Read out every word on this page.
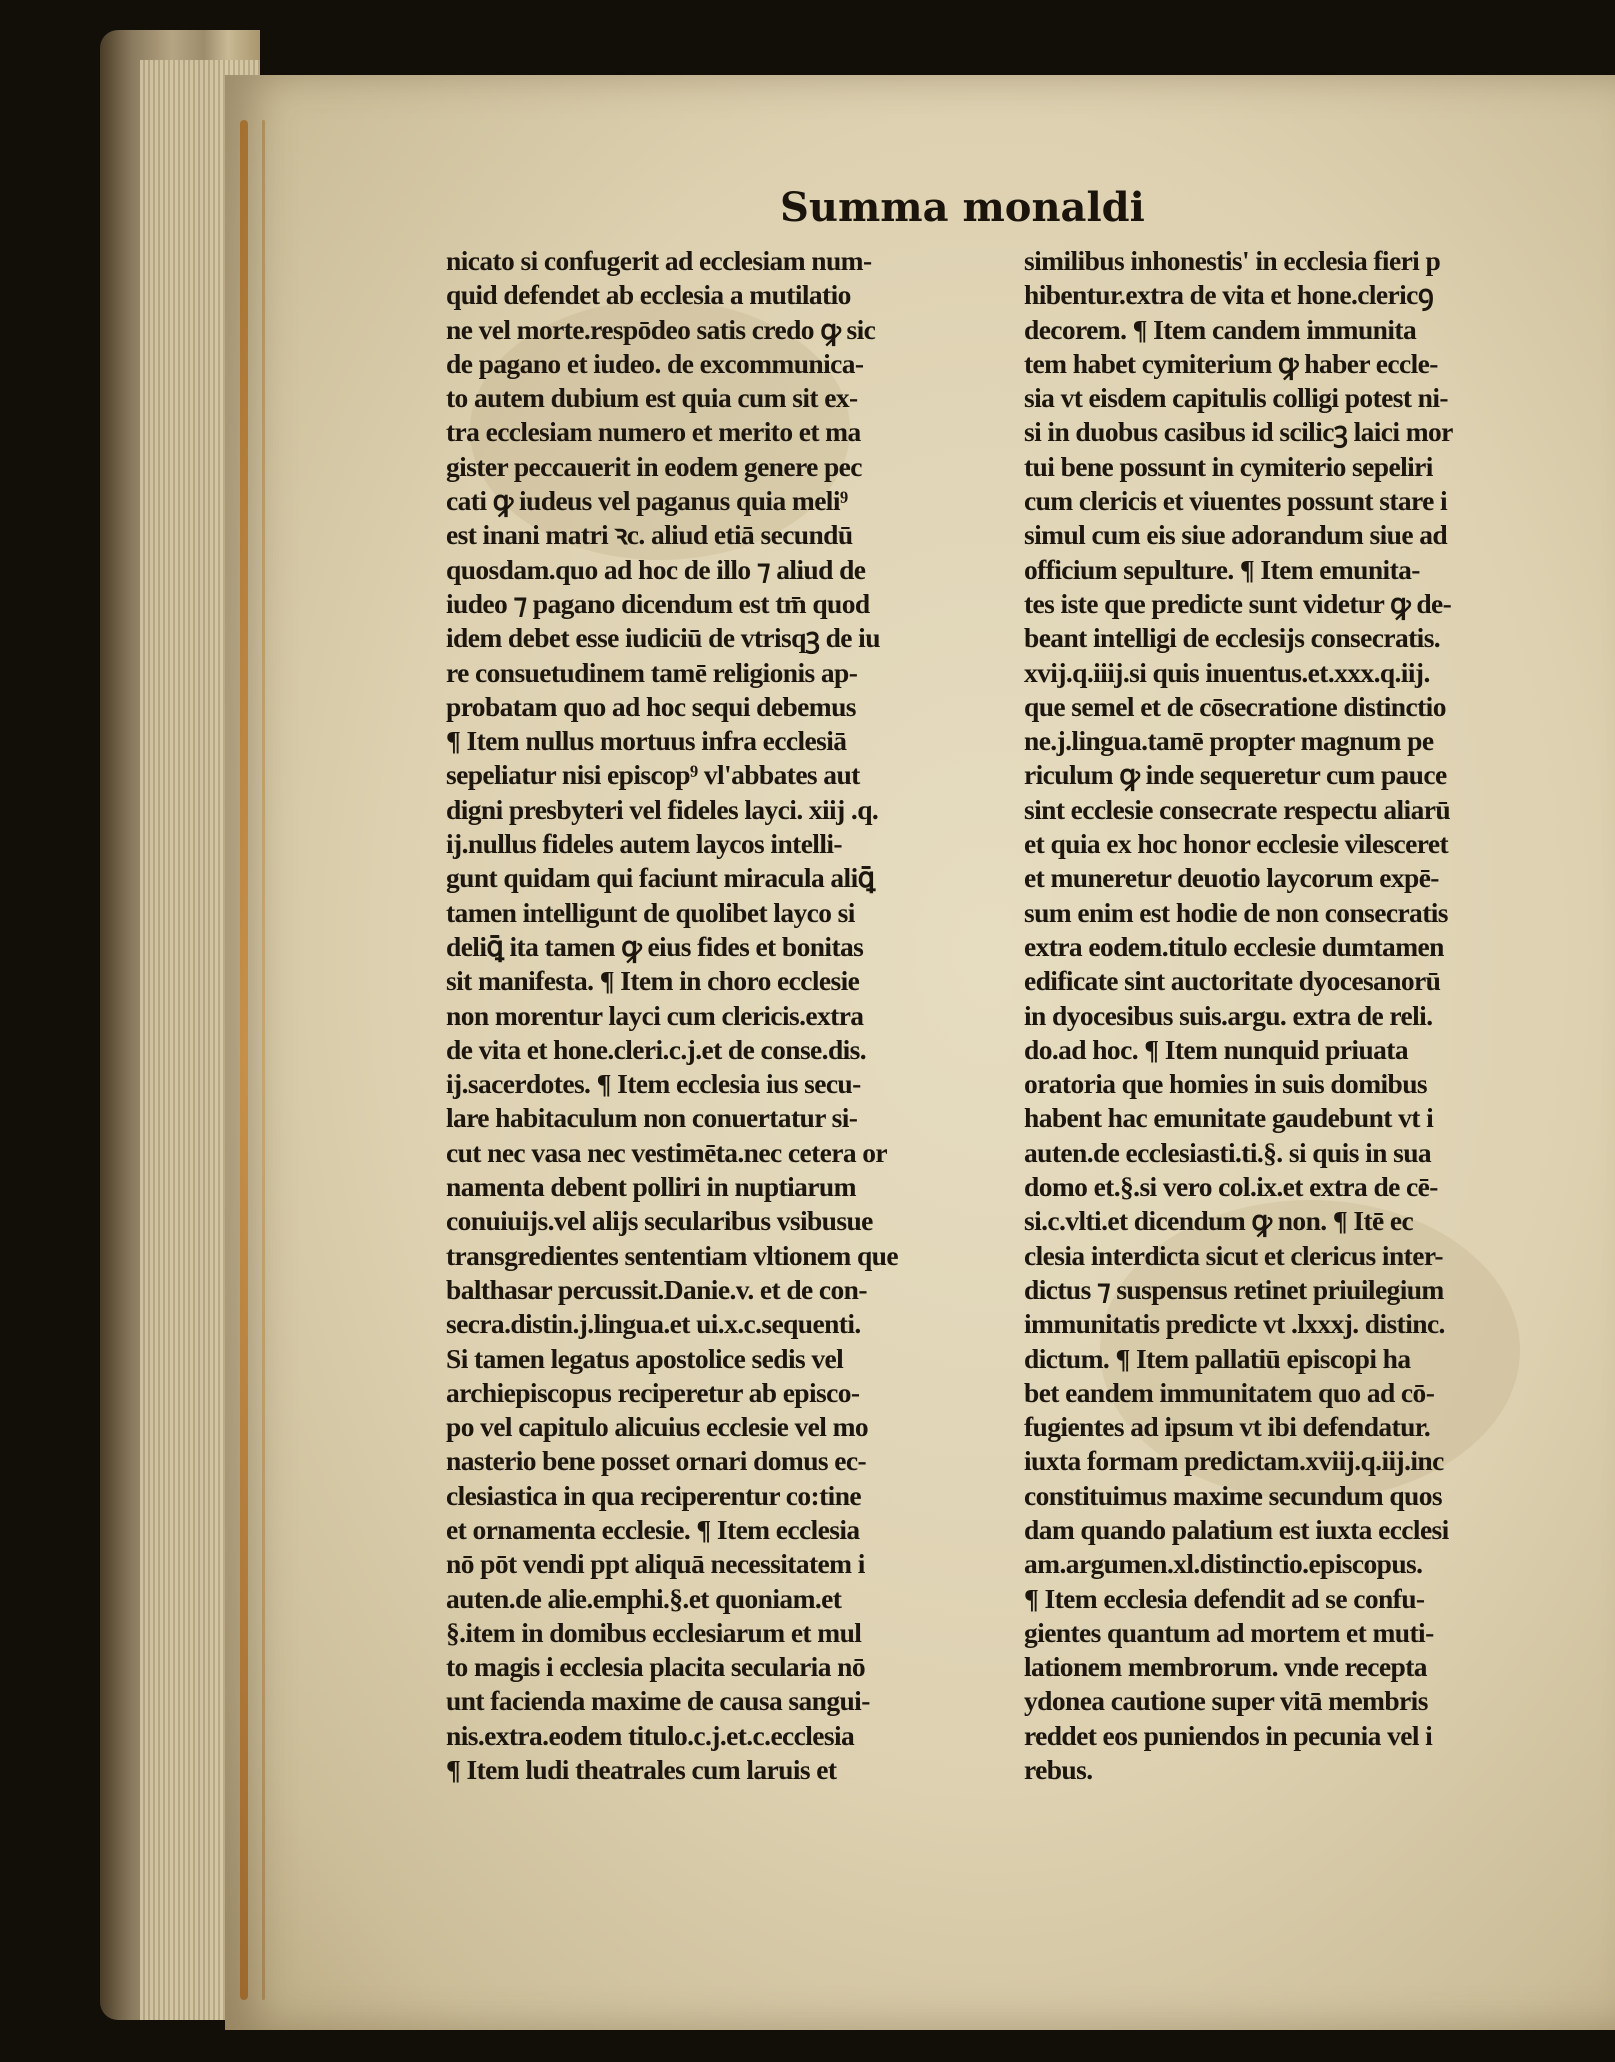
Summa monaldi
nicato si confugerit ad ecclesiam num-
quid defendet ab ecclesia a mutilatio
ne vel morte.respōdeo satis credo ꝙ sic
de pagano et iudeo. de excommunica-
to autem dubium est quia cum sit ex-
tra ecclesiam numero et merito et ma
gister peccauerit in eodem genere pec
cati ꝙ iudeus vel paganus quia meli⁹
est inani matri ꝛc. aliud etiā secundū
quosdam.quo ad hoc de illo ⁊ aliud de
iudeo ⁊ pagano dicendum est tm̄ quod
idem debet esse iudiciū de vtrisqꝫ de iu
re consuetudinem tamē religionis ap-
probatam quo ad hoc sequi debemus
¶ Item nullus mortuus infra ecclesiā
sepeliatur nisi episcop⁹ vl'abbates aut
digni presbyteri vel fideles layci. xiij .q.
ij.nullus fideles autem laycos intelli-
gunt quidam qui faciunt miracula aliꝗ̄
tamen intelligunt de quolibet layco si
deliꝗ̄ ita tamen ꝙ eius fides et bonitas
sit manifesta. ¶ Item in choro ecclesie
non morentur layci cum clericis.extra
de vita et hone.cleri.c.j.et de conse.dis.
ij.sacerdotes. ¶ Item ecclesia ius secu-
lare habitaculum non conuertatur si-
cut nec vasa nec vestimēta.nec cetera or
namenta debent polliri in nuptiarum
conuiuijs.vel alijs secularibus vsibusue
transgredientes sententiam vltionem que
balthasar percussit.Danie.v. et de con-
secra.distin.j.lingua.et ui.x.c.sequenti.
Si tamen legatus apostolice sedis vel
archiepiscopus reciperetur ab episco-
po vel capitulo alicuius ecclesie vel mo
nasterio bene posset ornari domus ec-
clesiastica in qua reciperentur co:tine
et ornamenta ecclesie. ¶ Item ecclesia
nō pōt vendi ppt aliquā necessitatem i
auten.de alie.emphi.§.et quoniam.et
§.item in domibus ecclesiarum et mul
to magis i ecclesia placita secularia nō
unt facienda maxime de causa sangui-
nis.extra.eodem titulo.c.j.et.c.ecclesia
¶ Item ludi theatrales cum laruis et
similibus inhonestis' in ecclesia fieri p
hibentur.extra de vita et hone.clericꝯ
decorem. ¶ Item candem immunita
tem habet cymiterium ꝙ haber eccle-
sia vt eisdem capitulis colligi potest ni-
si in duobus casibus id scilicꝫ laici mor
tui bene possunt in cymiterio sepeliri
cum clericis et viuentes possunt stare i
simul cum eis siue adorandum siue ad
officium sepulture. ¶ Item emunita-
tes iste que predicte sunt videtur ꝙ de-
beant intelligi de ecclesijs consecratis.
xvij.q.iiij.si quis inuentus.et.xxx.q.iij.
que semel et de cōsecratione distinctio
ne.j.lingua.tamē propter magnum pe
riculum ꝙ inde sequeretur cum pauce
sint ecclesie consecrate respectu aliarū
et quia ex hoc honor ecclesie vilesceret
et muneretur deuotio laycorum expē-
sum enim est hodie de non consecratis
extra eodem.titulo ecclesie dumtamen
edificate sint auctoritate dyocesanorū
in dyocesibus suis.argu. extra de reli.
do.ad hoc. ¶ Item nunquid priuata
oratoria que homies in suis domibus
habent hac emunitate gaudebunt vt i
auten.de ecclesiasti.ti.§. si quis in sua
domo et.§.si vero col.ix.et extra de cē-
si.c.vlti.et dicendum ꝙ non. ¶ Itē ec
clesia interdicta sicut et clericus inter-
dictus ⁊ suspensus retinet priuilegium
immunitatis predicte vt .lxxxj. distinc.
dictum. ¶ Item pallatiū episcopi ha
bet eandem immunitatem quo ad cō-
fugientes ad ipsum vt ibi defendatur.
iuxta formam predictam.xviij.q.iij.inc
constituimus maxime secundum quos
dam quando palatium est iuxta ecclesi
am.argumen.xl.distinctio.episcopus.
¶ Item ecclesia defendit ad se confu-
gientes quantum ad mortem et muti-
lationem membrorum. vnde recepta
ydonea cautione super vitā membris
reddet eos puniendos in pecunia vel i
rebus.
